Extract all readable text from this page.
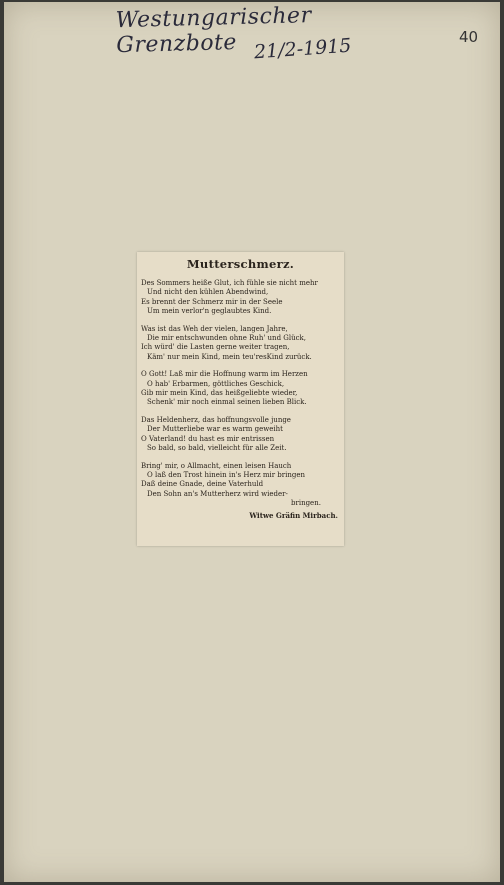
Westungarischer Grenzbote 21/2-1915	40
Mutterschmerz.
Des Sommers heiße Glut, ich fühle sie nicht mehr
Und nicht den kühlen Abendwind,
Es brennt der Schmerz mir in der Seele
Um mein verlor'n geglaubtes Kind.
Was ist das Weh der vielen, langen Jahre,
Die mir entschwunden ohne Ruh' und Glück,
Ich würd' die Lasten gerne weiter tragen,
Käm' nur mein Kind, mein teu'resKind zurück.
O Gott! Laß mir die Hoffnung warm im Herzen
O hab' Erbarmen, göttliches Geschick,
Gib mir mein Kind, das heißgeliebte wieder,
Schenk' mir noch einmal seinen lieben Blick.
Das Heldenherz, das hoffnungsvolle junge
Der Mutterliebe war es warm geweiht
O Vaterland! du hast es mir entrissen
So bald, so bald, vielleicht für alle Zeit.
Bring' mir, o Allmacht, einen leisen Hauch
O laß den Trost hinein in's Herz mir bringen
Daß deine Gnade, deine Vaterhuld
Den Sohn an's Mutterherz wird wieder-
bringen.
Witwe Gräfin Mirbach.
